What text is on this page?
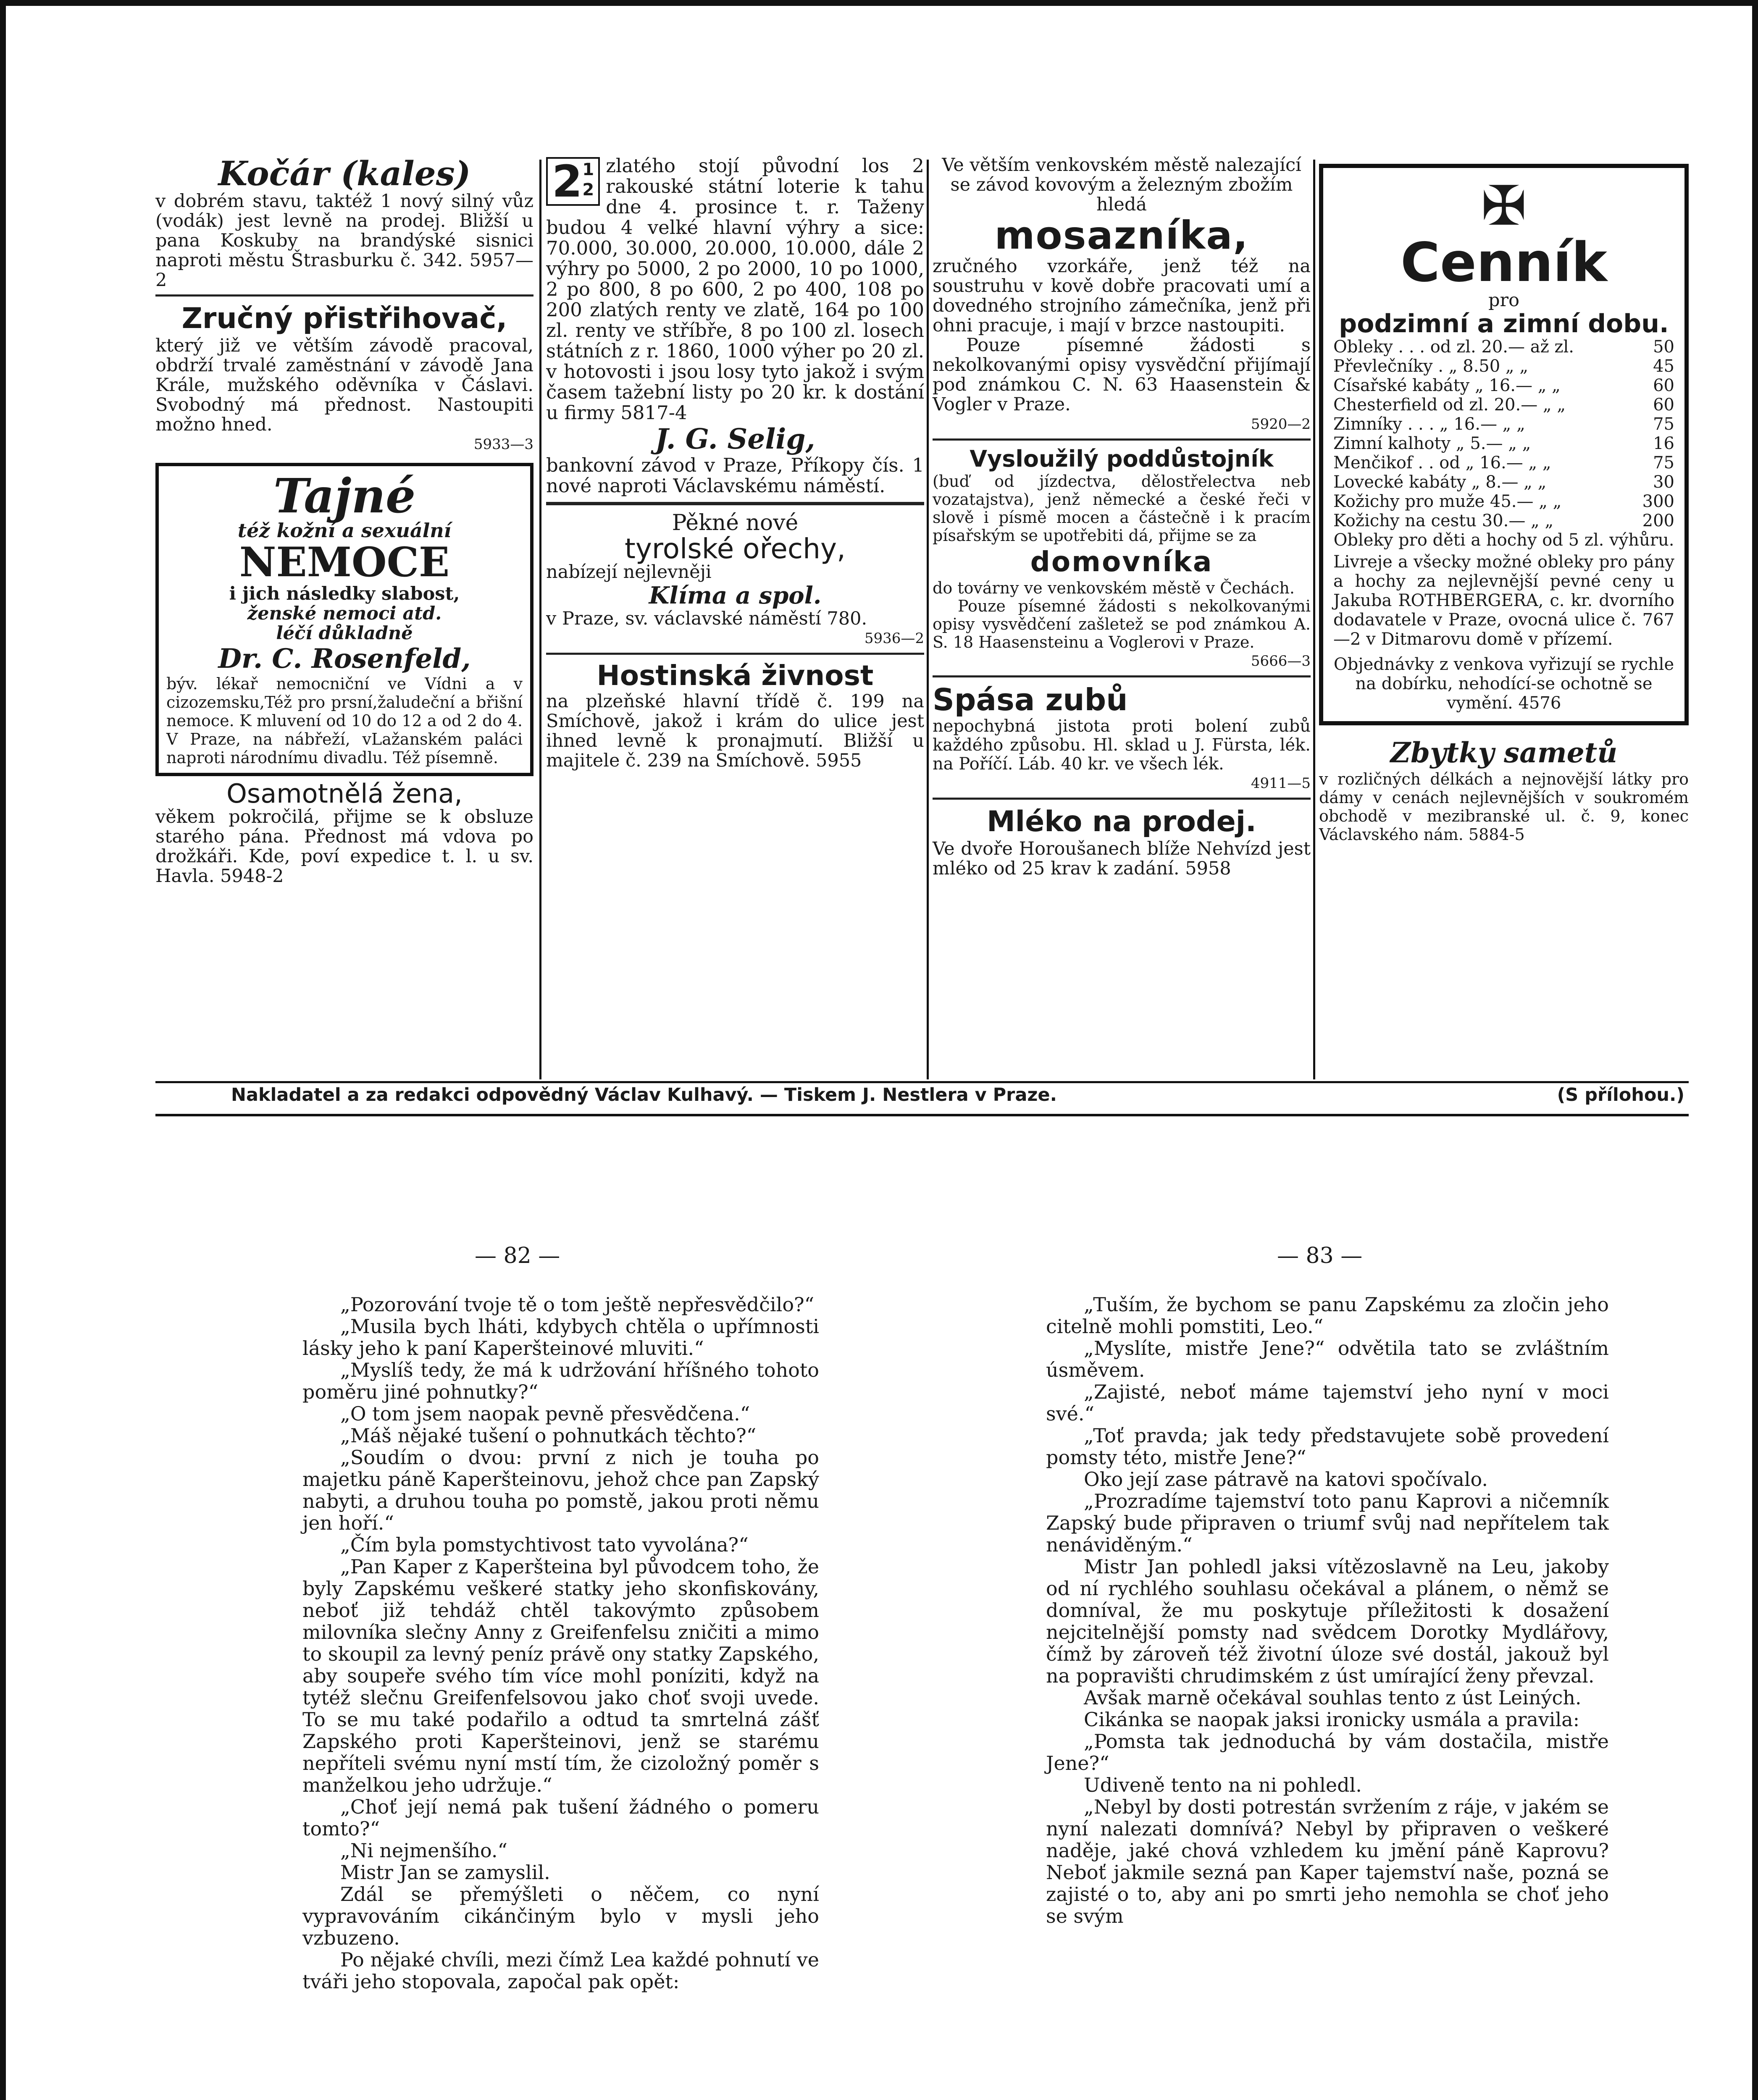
Kočár (kales)

v dobrém stavu, taktéž 1 nový silný vůz (vodák) jest levně na prodej. Bližší u pana Koskuby na brandýské sisnici naproti městu Štrasburku č. 342. 5957—2

Zručný přistřihovač,

který již ve větším závodě pracoval, obdrží trvalé zaměstnání v závodě Jana Krále, mužského oděvníka v Čáslavi. Svobodný má přednost. Nastoupiti možno hned.

5933—3

Tajné
též kožní a sexuální
NEMOCE
i jich následky slabost,
ženské nemoci atd.
léčí důkladně
Dr. C. Rosenfeld,

býv. lékař nemocniční ve Vídni a v cizozemsku,Též pro prsní,žaludeční a břišní nemoce. K mluvení od 10 do 12 a od 2 do 4. V Praze, na nábřeží, vLažanském paláci naproti národnímu divadlu. Též písemně.

Osamotnělá žena,

věkem pokročilá, přijme se k obsluze starého pána. Přednost má vdova po drožkáři. Kde, poví expedice t. l. u sv. Havla. 5948-2

21
2

zlatého stojí původní los 2 rakouské státní loterie k tahu dne 4. prosince t. r. Taženy budou 4 velké hlavní výhry a sice: 70.000, 30.000, 20.000, 10.000, dále 2 výhry po 5000, 2 po 2000, 10 po 1000, 2 po 800, 8 po 600, 2 po 400, 108 po 200 zlatých renty ve zlatě, 164 po 100 zl. renty ve stříbře, 8 po 100 zl. losech státních z r. 1860, 1000 výher po 20 zl. v hotovosti i jsou losy tyto jakož i svým časem tažební listy po 20 kr. k dostání u firmy 5817-4

J. G. Selig,

bankovní závod v Praze, Příkopy čís. 1 nové naproti Václavskému náměstí.

Pěkné nové
tyrolské ořechy,

nabízejí nejlevněji

Klíma a spol.

v Praze, sv. václavské náměstí 780.

5936—2

Hostinská živnost

na plzeňské hlavní třídě č. 199 na Smíchově, jakož i krám do ulice jest ihned levně k pronajmutí. Bližší u majitele č. 239 na Smíchově. 5955

Ve větším venkovském městě nalezající se závod kovovým a železným zbožím hledá

mosazníka,

zručného vzorkáře, jenž též na soustruhu v kově dobře pracovati umí a dovedného strojního zámečníka, jenž při ohni pracuje, i mají v brzce nastoupiti.

Pouze písemné žádosti s nekolkovanými opisy vysvědční přijímají pod známkou C. N. 63 Haasenstein & Vogler v Praze.

5920—2

Vysloužilý poddůstojník

(buď od jízdectva, dělostřelectva neb vozatajstva), jenž německé a české řeči v slově i písmě mocen a částečně i k pracím písařským se upotřebiti dá, přijme se za

domovníka

do továrny ve venkovském městě v Čechách.

Pouze písemné žádosti s nekolkovanými opisy vysvědčení zašletež se pod známkou A. S. 18 Haasensteinu a Voglerovi v Praze.

5666—3

Spása zubů

nepochybná jistota proti bolení zubů každého způsobu. Hl. sklad u J. Fürsta, lék. na Poříčí. Láb. 40 kr. ve všech lék.

4911—5

Mléko na prodej.

Ve dvoře Horoušanech blíže Nehvízd jest mléko od 25 krav k zadání. 5958

✠
Cenník
pro
podzimní a zimní dobu.
Obleky . . . od zl. 20.— až zl.	50
Převlečníky . „ 8.50 „ „	45
Císařské kabáty „ 16.— „ „	60
Chesterfield od zl. 20.— „ „	60
Zimníky . . . „ 16.— „ „	75
Zimní kalhoty „ 5.— „ „	16
Menčikof . . od „ 16.— „ „	75
Lovecké kabáty „ 8.— „ „	30
Kožichy pro muže 45.— „ „	300
Kožichy na cestu 30.— „ „	200

Obleky pro děti a hochy od 5 zl. výhůru.

Livreje a všecky možné obleky pro pány a hochy za nejlevnější pevné ceny u Jakuba ROTHBERGERA, c. kr. dvorního dodavatele v Praze, ovocná ulice č. 767—2 v Ditmarovu domě v přízemí.

Objednávky z venkova vyřizují se rychle na dobírku, nehodící-se ochotně se vymění. 4576

Zbytky sametů

v rozličných délkách a nejnovější látky pro dámy v cenách nejlevnějších v soukromém obchodě v mezibranské ul. č. 9, konec Václavského nám. 5884-5

Nakladatel a za redakci odpovědný Václav Kulhavý. — Tiskem J. Nestlera v Praze.	(S přílohou.)
— 82 —	— 83 —

„Pozorování tvoje tě o tom ještě nepřesvědčilo?“

„Musila bych lháti, kdybych chtěla o upřímnosti lásky jeho k paní Kaperšteinové mluviti.“

„Myslíš tedy, že má k udržování hříšného tohoto poměru jiné pohnutky?“

„O tom jsem naopak pevně přesvědčena.“

„Máš nějaké tušení o pohnutkách těchto?“

„Soudím o dvou: první z nich je touha po majetku páně Kaperšteinovu, jehož chce pan Zapský nabyti, a druhou touha po pomstě, jakou proti němu jen hoří.“

„Čím byla pomstychtivost tato vyvolána?“

„Pan Kaper z Kaperšteina byl původcem toho, že byly Zapskému veškeré statky jeho skonfiskovány, neboť již tehdáž chtěl takovýmto způsobem milovníka slečny Anny z Greifenfelsu zničiti a mimo to skoupil za levný peníz právě ony statky Zapského, aby soupeře svého tím více mohl poníziti, když na tytéž slečnu Greifenfelsovou jako choť svoji uvede. To se mu také podařilo a odtud ta smrtelná zášť Zapského proti Kaperšteinovi, jenž se starému nepříteli svému nyní mstí tím, že cizoložný poměr s manželkou jeho udržuje.“

„Choť její nemá pak tušení žádného o pomeru tomto?“

„Ni nejmenšího.“

Mistr Jan se zamyslil.

Zdál se přemýšleti o něčem, co nyní vypravováním cikánčiným bylo v mysli jeho vzbuzeno.

Po nějaké chvíli, mezi čímž Lea každé pohnutí ve tváři jeho stopovala, započal pak opět:

„Tuším, že bychom se panu Zapskému za zločin jeho citelně mohli pomstiti, Leo.“

„Myslíte, mistře Jene?“ odvětila tato se zvláštním úsměvem.

„Zajisté, neboť máme tajemství jeho nyní v moci své.“

„Toť pravda; jak tedy představujete sobě provedení pomsty této, mistře Jene?“

Oko její zase pátravě na katovi spočívalo.

„Prozradíme tajemství toto panu Kaprovi a ničemník Zapský bude připraven o triumf svůj nad nepřítelem tak nenáviděným.“

Mistr Jan pohledl jaksi vítězoslavně na Leu, jakoby od ní rychlého souhlasu očekával a plánem, o němž se domníval, že mu poskytuje příležitosti k dosažení nejcitelnější pomsty nad svědcem Dorotky Mydlářovy, čímž by zároveň též životní úloze své dostál, jakouž byl na popravišti chrudimském z úst umírající ženy převzal.

Avšak marně očekával souhlas tento z úst Leiných.

Cikánka se naopak jaksi ironicky usmála a pravila:

„Pomsta tak jednoduchá by vám dostačila, mistře Jene?“

Udiveně tento na ni pohledl.

„Nebyl by dosti potrestán svržením z ráje, v jakém se nyní nalezati domnívá? Nebyl by připraven o veškeré naděje, jaké chová vzhledem ku jmění páně Kaprovu? Neboť jakmile sezná pan Kaper tajemství naše, pozná se zajisté o to, aby ani po smrti jeho nemohla se choť jeho se svým
